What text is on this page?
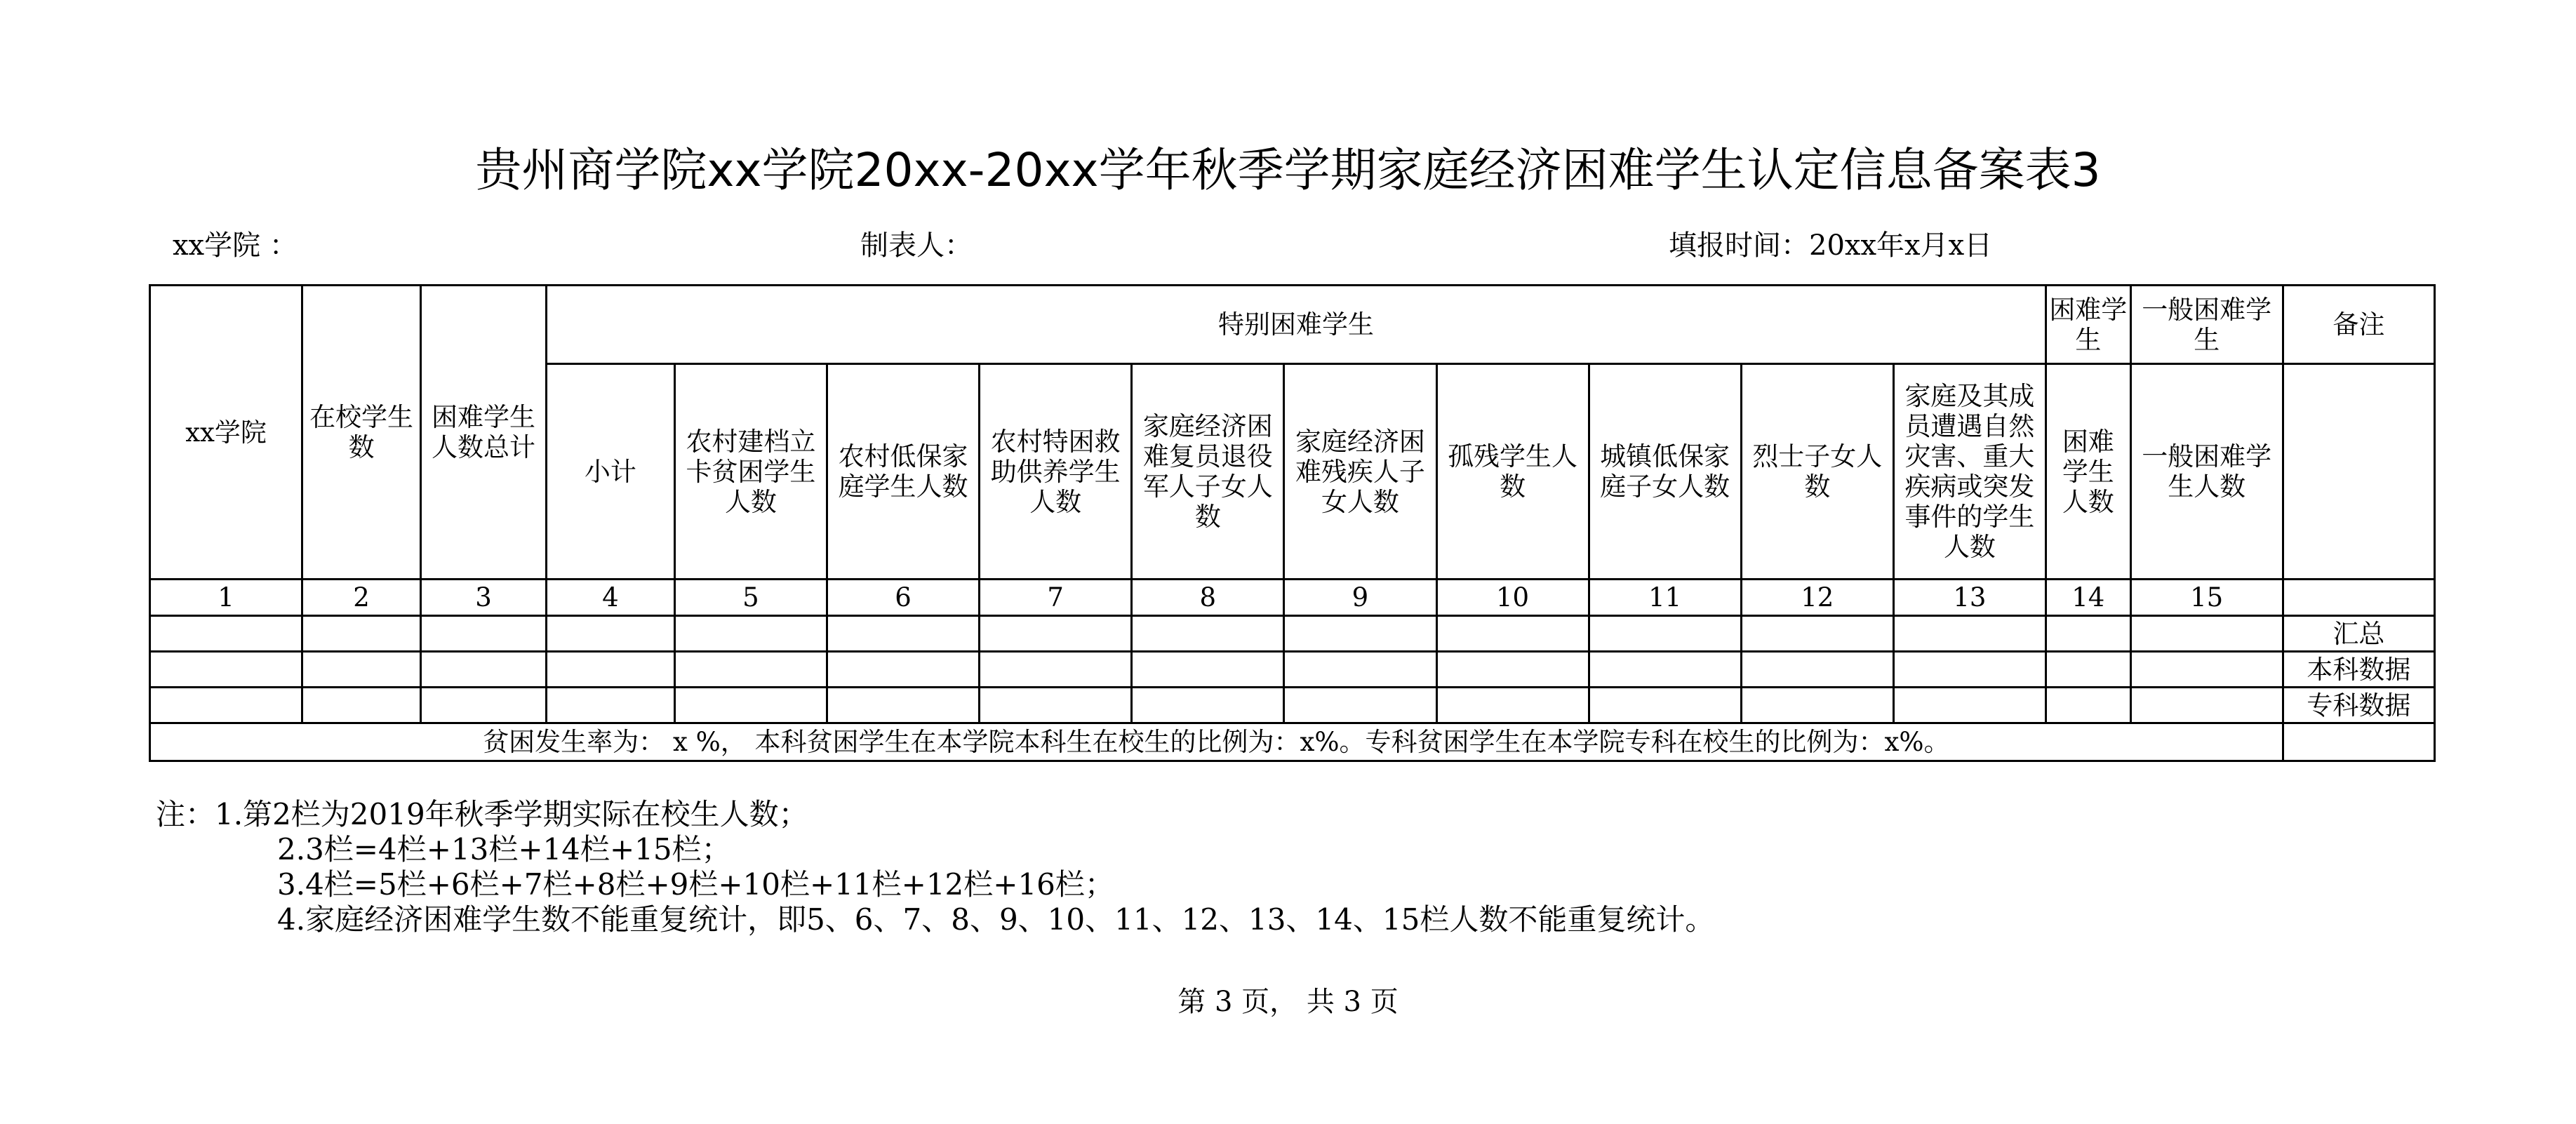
贵州商学院xx学院20xx-20xx学年秋季学期家庭经济困难学生认定信息备案表3
xx学院 ：	制表人：	填报时间：20xx年x月x日
xx学院	在校学生数	困难学生人数总计	特别困难学生										困难学生	一般困难学生	备注
			小计	农村建档立卡贫困学生人数	农村低保家庭学生人数	农村特困救助供养学生人数	家庭经济困难复员退役军人子女人数	家庭经济困难残疾人子女人数	孤残学生人数	城镇低保家庭子女人数	烈士子女人数	家庭及其成员遭遇自然灾害、重大疾病或突发事件的学生人数	困难学生人数	一般困难学生人数	
1	2	3	4	5	6	7	8	9	10	11	12	13	14	15	
															汇总
															本科数据
															专科数据
贫困发生率为： x %， 本科贫困学生在本学院本科生在校生的比例为：x%。专科贫困学生在本学院专科在校生的比例为：x%。															
注：1.第2栏为2019年秋季学期实际在校生人数；
2.3栏=4栏+13栏+14栏+15栏；
3.4栏=5栏+6栏+7栏+8栏+9栏+10栏+11栏+12栏+16栏；
4.家庭经济困难学生数不能重复统计，即5、6、7、8、9、10、11、12、13、14、15栏人数不能重复统计。
第 3 页， 共 3 页
